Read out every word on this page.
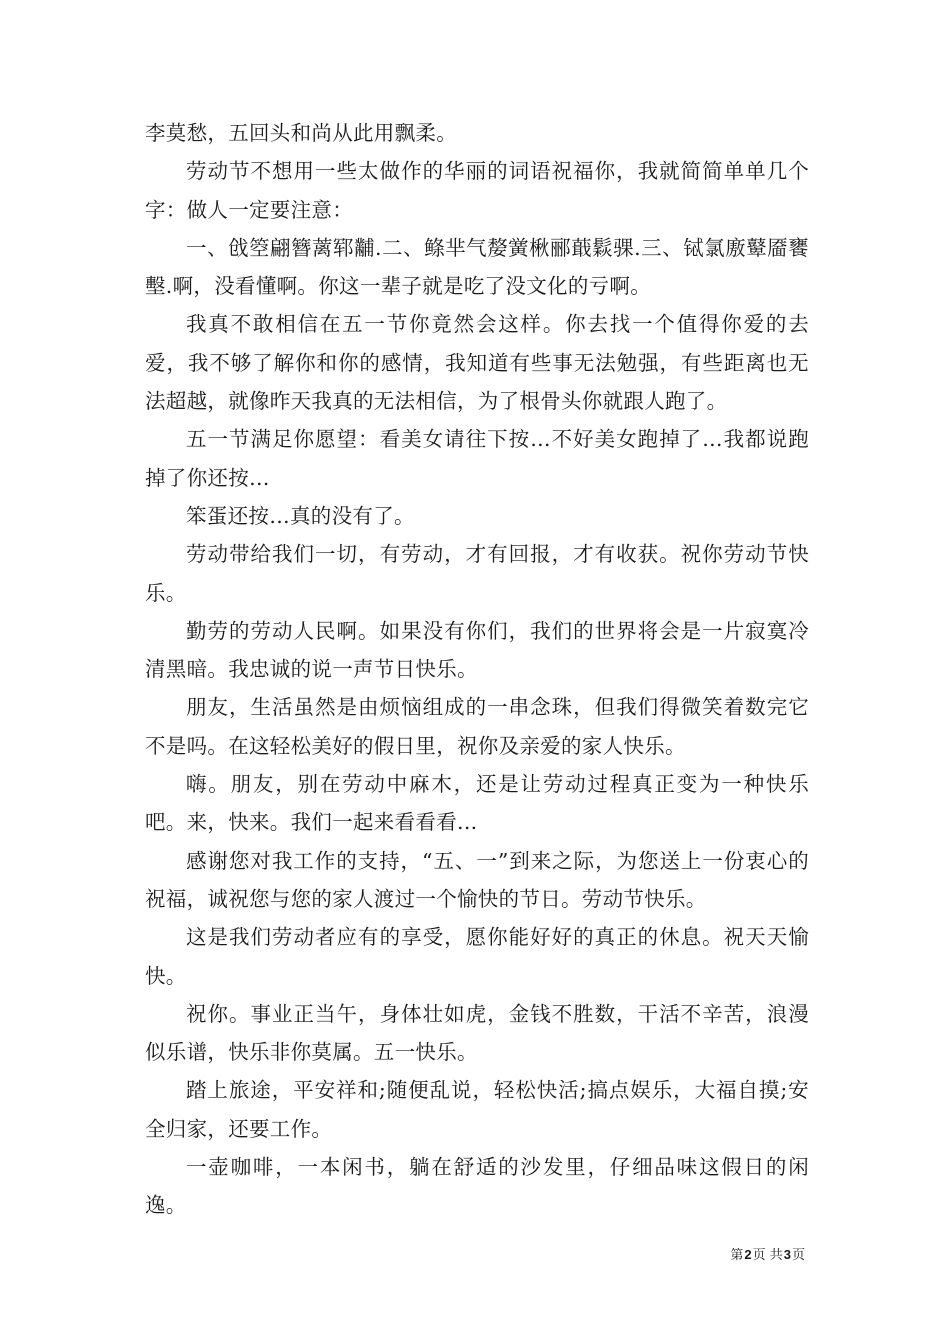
李莫愁，五回头和尚从此用飘柔。

劳动节不想用一些太做作的华丽的词语祝福你，我就简简单单几个字：做人一定要注意：

一、戗箜翩簪蓠郓黼.二、鲦芈气嫠黉楸郦蕺鬏骒.三、铽氯廒鼙靥饔墼.啊，没看懂啊。你这一辈子就是吃了没文化的亏啊。

我真不敢相信在五一节你竟然会这样。你去找一个值得你爱的去爱，我不够了解你和你的感情，我知道有些事无法勉强，有些距离也无法超越，就像昨天我真的无法相信，为了根骨头你就跟人跑了。

五一节满足你愿望：看美女请往下按…不好美女跑掉了…我都说跑掉了你还按…

笨蛋还按…真的没有了。

劳动带给我们一切，有劳动，才有回报，才有收获。祝你劳动节快乐。

勤劳的劳动人民啊。如果没有你们，我们的世界将会是一片寂寞冷清黑暗。我忠诚的说一声节日快乐。

朋友，生活虽然是由烦恼组成的一串念珠，但我们得微笑着数完它不是吗。在这轻松美好的假日里，祝你及亲爱的家人快乐。

嗨。朋友，别在劳动中麻木，还是让劳动过程真正变为一种快乐吧。来，快来。我们一起来看看看...

感谢您对我工作的支持，“五、一”到来之际，为您送上一份衷心的祝福，诚祝您与您的家人渡过一个愉快的节日。劳动节快乐。

这是我们劳动者应有的享受，愿你能好好的真正的休息。祝天天愉快。

祝你。事业正当午，身体壮如虎，金钱不胜数，干活不辛苦，浪漫似乐谱，快乐非你莫属。五一快乐。

踏上旅途，平安祥和;随便乱说，轻松快活;搞点娱乐，大福自摸;安全归家，还要工作。

一壶咖啡，一本闲书，躺在舒适的沙发里，仔细品味这假日的闲逸。

第2页 共3页
